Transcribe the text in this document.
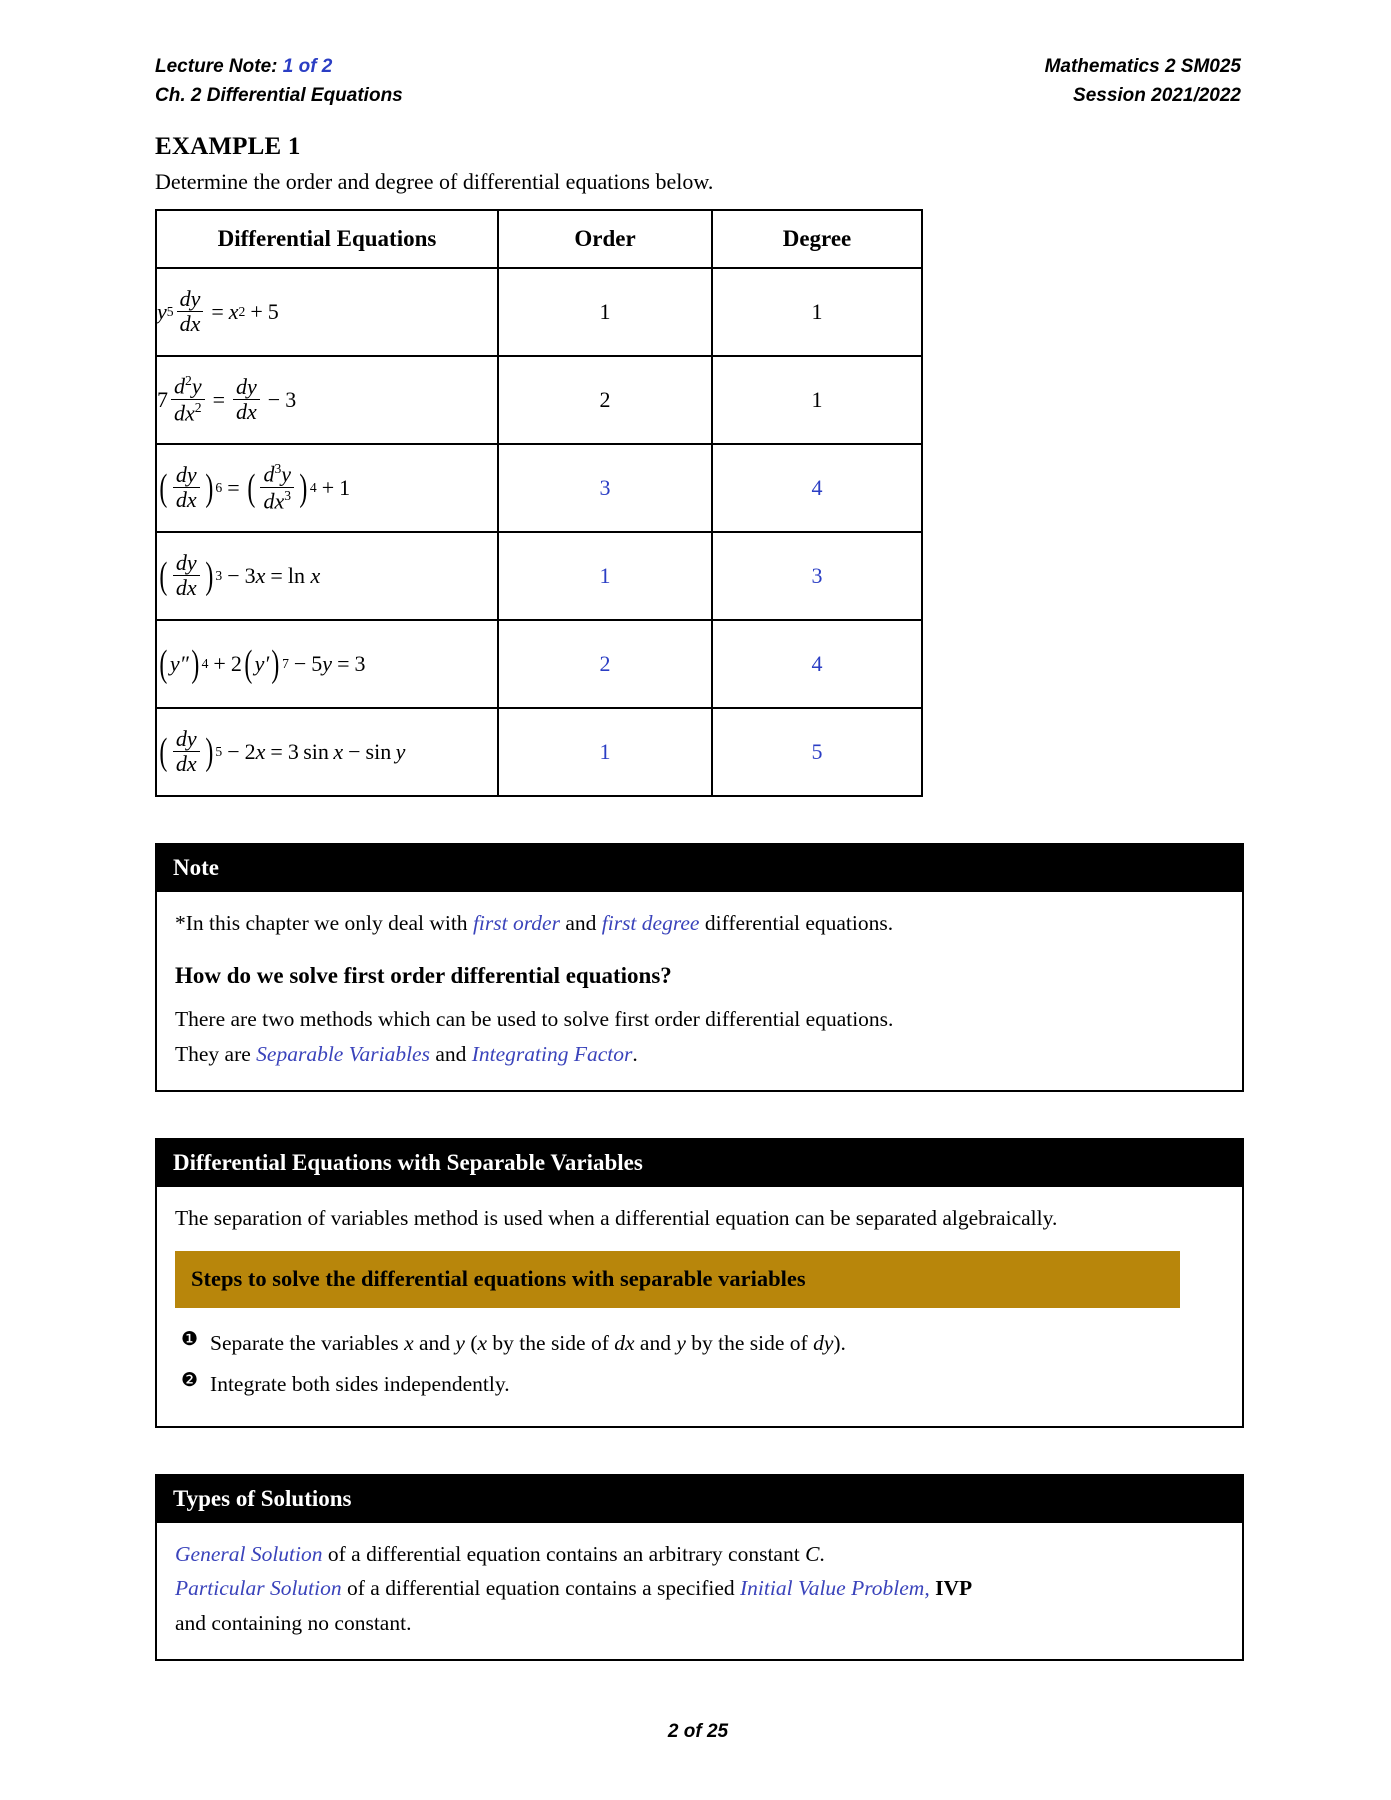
Lecture Note: 1 of 2
Ch. 2 Differential Equations
Mathematics 2 SM025
Session 2021/2022
EXAMPLE 1
Determine the order and degree of differential equations below.
Differential Equations	Order	Degree

y $5 \frac{dy}{dx} = x$ 2 + 5	1	1
$7 \frac{d^2y}{dx^2} = \frac{dy}{dx} - 3$	2	1

( $\frac{dy}{dx}$ ) 6 = ( $\frac{d^3y}{dx^3}$ ) 4 + 1	3	4

( $\frac{dy}{dx}$ ) 3 − 3 x = ln x	1	3

( y″ ) 4 + 2 ( y′ ) 7 − 5 y = 3	2	4

( $\frac{dy}{dx}$ ) 5 − 2 x = 3 sin  x − sin  y	1	5
Note
*In this chapter we only deal with first order and first degree differential equations.
How do we solve first order differential equations?
There are two methods which can be used to solve first order differential equations.
They are Separable Variables and Integrating Factor.
Differential Equations with Separable Variables
The separation of variables method is used when a differential equation can be separated algebraically.
Steps to solve the differential equations with separable variables
❶ Separate the variables x and y (x by the side of dx and y by the side of dy).
❷ Integrate both sides independently.
Types of Solutions
General Solution of a differential equation contains an arbitrary constant C.
Particular Solution of a differential equation contains a specified Initial Value Problem, IVP
and containing no constant.
2 of 25
